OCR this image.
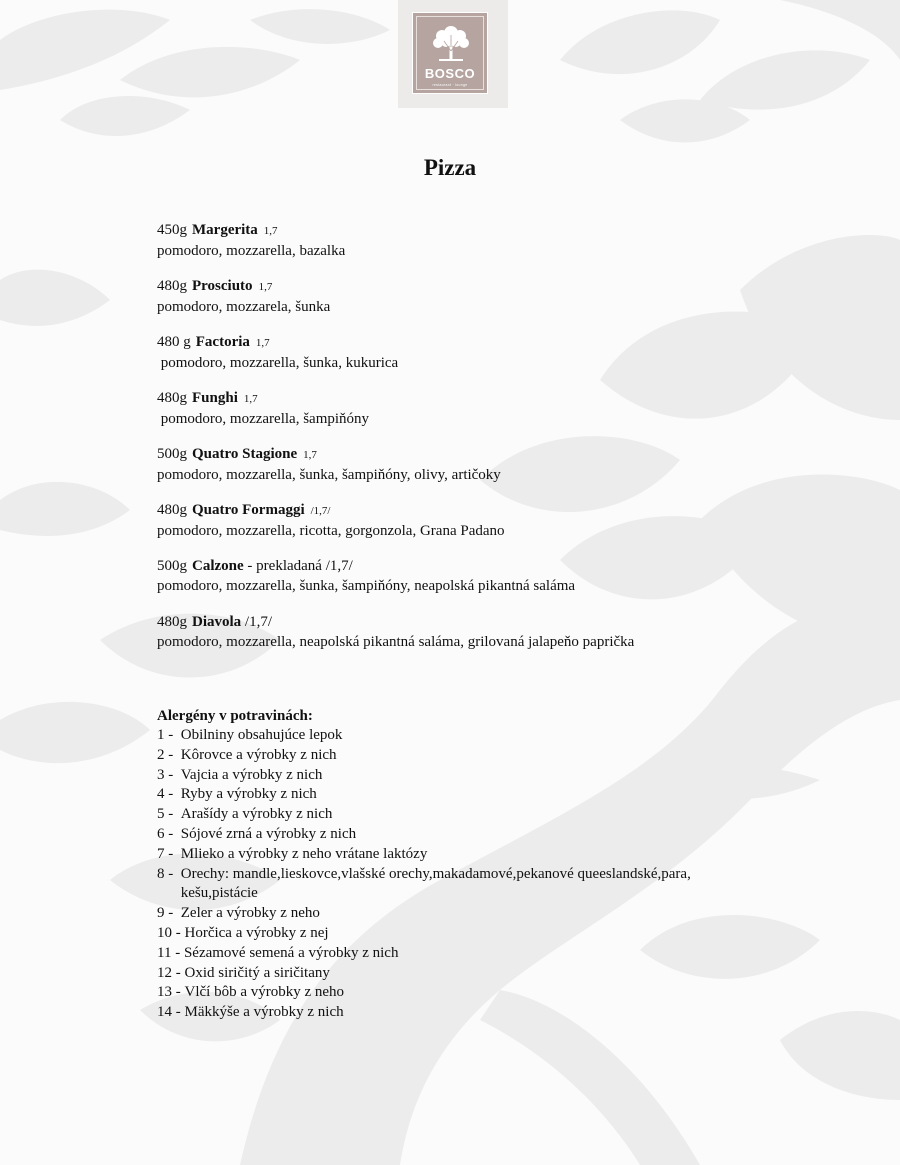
BOSCO
restaurant · lounge
Pizza
450g Margerita 1,7
pomodoro, mozzarella, bazalka
480g Prosciuto 1,7
pomodoro, mozzarela, šunka
480 g Factoria 1,7
pomodoro, mozzarella, šunka, kukurica
480g Funghi 1,7
pomodoro, mozzarella, šampiňóny
500g Quatro Stagione 1,7
pomodoro, mozzarella, šunka, šampiňóny, olivy, artičoky
480g Quatro Formaggi /1,7/
pomodoro, mozzarella, ricotta, gorgonzola, Grana Padano
500g Calzone - prekladaná /1,7/
pomodoro, mozzarella, šunka, šampiňóny, neapolská pikantná saláma
480g Diavola /1,7/
pomodoro, mozzarella, neapolská pikantná saláma, grilovaná jalapeňo paprička
Alergény v potravinách:
1 - Obilniny obsahujúce lepok
2 - Kôrovce a výrobky z nich
3 - Vajcia a výrobky z nich
4 - Ryby a výrobky z nich
5 - Arašídy a výrobky z nich
6 - Sójové zrná a výrobky z nich
7 - Mlieko a výrobky z neho vrátane laktózy
8 - Orechy: mandle,lieskovce,vlašské orechy,makadamové,pekanové queeslandské,para, kešu,pistácie
9 - Zeler a výrobky z neho
10 - Horčica a výrobky z nej
11 - Sézamové semená a výrobky z nich
12 - Oxid siričitý a siričitany
13 - Vlčí bôb a výrobky z neho
14 - Mäkkýše a výrobky z nich
